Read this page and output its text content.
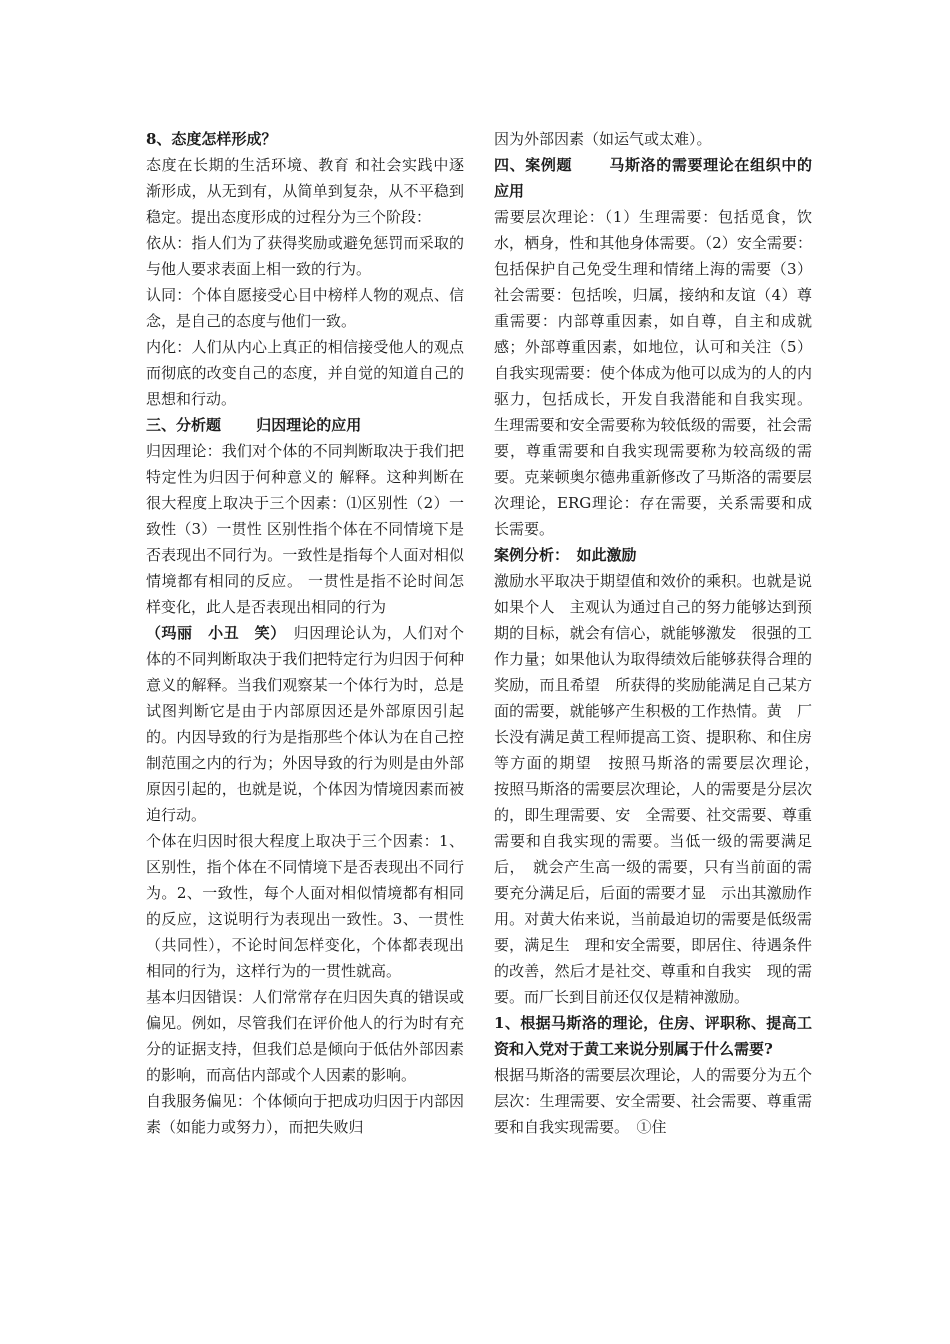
8、态度怎样形成？

态度在长期的生活环境、教育 和社会实践中逐渐形成，从无到有，从简单到复杂，从不平稳到稳定。提出态度形成的过程分为三个阶段：

依从：指人们为了获得奖励或避免惩罚而采取的与他人要求表面上相一致的行为。

认同：个体自愿接受心目中榜样人物的观点、信念，是自己的态度与他们一致。

内化：人们从内心上真正的相信接受他人的观点而彻底的改变自己的态度，并自觉的知道自己的思想和行动。

三、分析题　　 归因理论的应用

归因理论：我们对个体的不同判断取决于我们把特定性为归因于何种意义的 解释。这种判断在很大程度上取决于三个因素：⑴区别性（2）一致性（3）一贯性 区别性指个体在不同情境下是否表现出不同行为。一致性是指每个人面对相似情境都有相同的反应。 一贯性是指不论时间怎样变化，此人是否表现出相同的行为

（玛丽　小丑　笑）　归因理论认为，人们对个体的不同判断取决于我们把特定行为归因于何种意义的解释。当我们观察某一个体行为时，总是试图判断它是由于内部原因还是外部原因引起的。内因导致的行为是指那些个体认为在自己控制范围之内的行为；外因导致的行为则是由外部原因引起的，也就是说，个体因为情境因素而被迫行动。

个体在归因时很大程度上取决于三个因素：1、区别性，指个体在不同情境下是否表现出不同行为。2、一致性，每个人面对相似情境都有相同的反应，这说明行为表现出一致性。3、一贯性（共同性），不论时间怎样变化，个体都表现出相同的行为，这样行为的一贯性就高。

基本归因错误：人们常常存在归因失真的错误或偏见。例如，尽管我们在评价他人的行为时有充分的证据支持，但我们总是倾向于低估外部因素的影响，而高估内部或个人因素的影响。

自我服务偏见：个体倾向于把成功归因于内部因素（如能力或努力），而把失败归

因为外部因素（如运气或太难）。

四、案例题　　 马斯洛的需要理论在组织中的应用

需要层次理论：（1）生理需要：包括觅食，饮水，栖身，性和其他身体需要。（2）安全需要：包括保护自己免受生理和情绪上海的需要（3）社会需要：包括唉，归属，接纳和友谊（4）尊重需要：内部尊重因素，如自尊，自主和成就感；外部尊重因素，如地位，认可和关注（5）自我实现需要：使个体成为他可以成为的人的内驱力，包括成长，开发自我潜能和自我实现。 生理需要和安全需要称为较低级的需要，社会需要，尊重需要和自我实现需要称为较高级的需要。克莱顿奥尔德弗重新修改了马斯洛的需要层次理论，ERG理论：存在需要，关系需要和成长需要。

案例分析：　如此激励

激励水平取决于期望值和效价的乘积。也就是说如果个人　主观认为通过自己的努力能够达到预期的目标，就会有信心，就能够激发　很强的工作力量；如果他认为取得绩效后能够获得合理的奖励，而且希望　所获得的奖励能满足自己某方面的需要，就能够产生积极的工作热情。黄　厂长没有满足黄工程师提高工资、提职称、和住房等方面的期望　按照马斯洛的需要层次理论，　按照马斯洛的需要层次理论，人的需要是分层次的，即生理需要、安　全需要、社交需要、尊重需要和自我实现的需要。当低一级的需要满足后，　就会产生高一级的需要，只有当前面的需要充分满足后，后面的需要才显　示出其激励作用。对黄大佑来说，当前最迫切的需要是低级需要，满足生　理和安全需要，即居住、待遇条件的改善，然后才是社交、尊重和自我实　现的需要。而厂长到目前还仅仅是精神激励。

1、根据马斯洛的理论，住房、评职称、提高工资和入党对于黄工来说分别属于什么需要?

根据马斯洛的需要层次理论，人的需要分为五个层次：生理需要、安全需要、社会需要、尊重需要和自我实现需要。　①住
